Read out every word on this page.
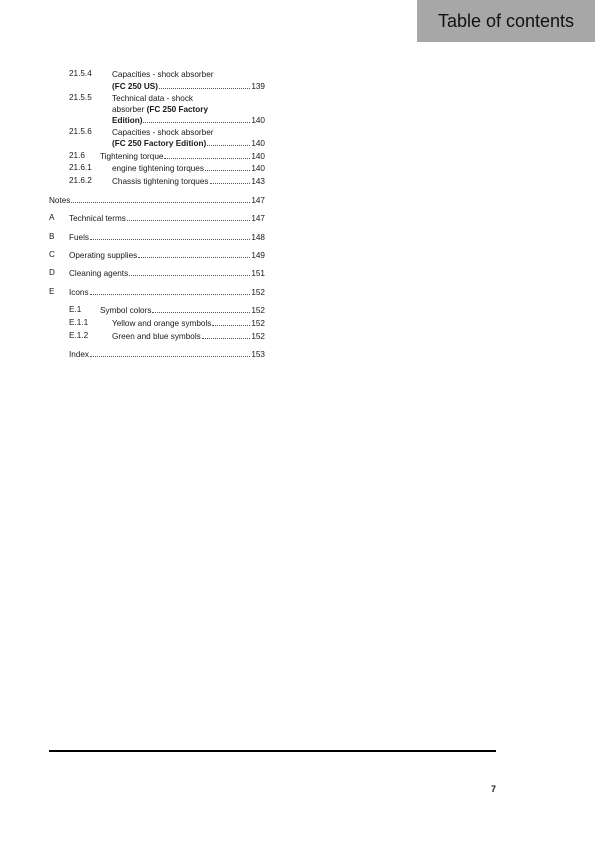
Table of contents
21.5.4 Capacities - shock absorber
(FC 250 US)	139
21.5.5 Technical data - shock
absorber (FC 250 Factory
Edition)	140
21.5.6 Capacities - shock absorber
(FC 250 Factory Edition)	140
21.6 Tightening torque	140
21.6.1 engine tightening torques	140
21.6.2 Chassis tightening torques	143
Notes	147
A Technical terms	147
B Fuels	148
C Operating supplies	149
D Cleaning agents	151
E Icons	152
E.1 Symbol colors	152
E.1.1	Yellow and orange symbols	152
E.1.2	Green and blue symbols	152
Index	153
7
